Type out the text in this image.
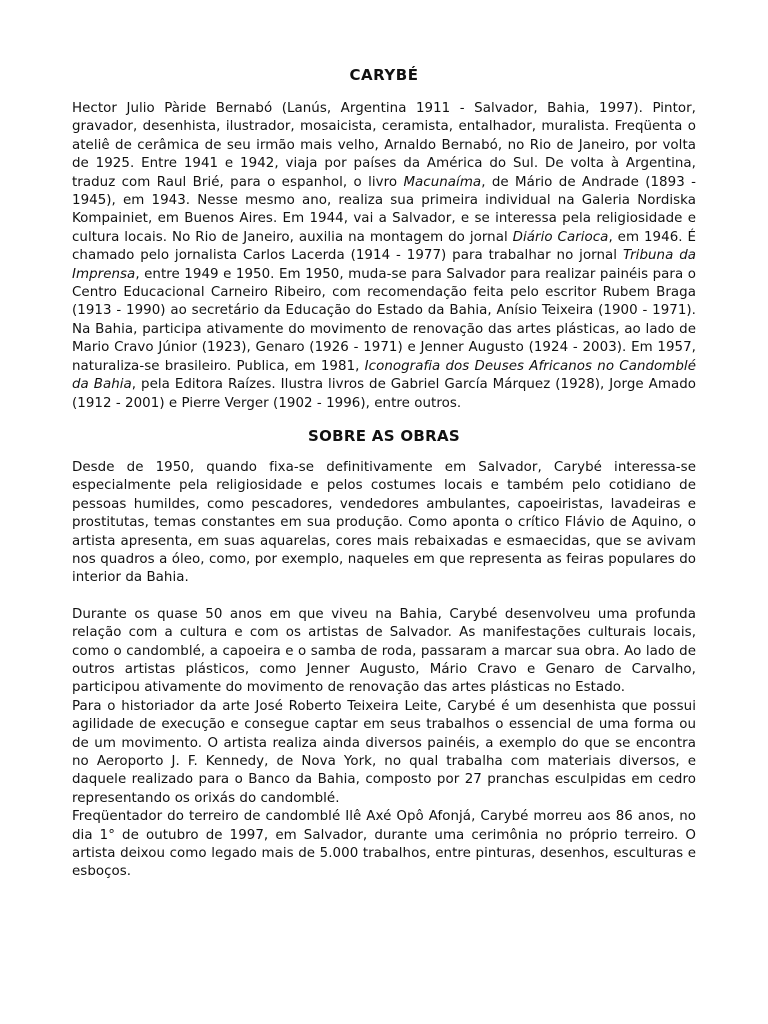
CARYBÉ

Hector Julio Pàride Bernabó (Lanús, Argentina 1911 - Salvador, Bahia, 1997). Pintor, gravador, desenhista, ilustrador, mosaicista, ceramista, entalhador, muralista. Freqüenta o ateliê de cerâmica de seu irmão mais velho, Arnaldo Bernabó, no Rio de Janeiro, por volta de 1925. Entre 1941 e 1942, viaja por países da América do Sul. De volta à Argentina, traduz com Raul Brié, para o espanhol, o livro Macunaíma, de Mário de Andrade (1893 - 1945), em 1943. Nesse mesmo ano, realiza sua primeira individual na Galeria Nordiska Kompainiet, em Buenos Aires. Em 1944, vai a Salvador, e se interessa pela religiosidade e cultura locais. No Rio de Janeiro, auxilia na montagem do jornal Diário Carioca, em 1946. É chamado pelo jornalista Carlos Lacerda (1914 - 1977) para trabalhar no jornal Tribuna da Imprensa, entre 1949 e 1950. Em 1950, muda-se para Salvador para realizar painéis para o Centro Educacional Carneiro Ribeiro, com recomendação feita pelo escritor Rubem Braga (1913 - 1990) ao secretário da Educação do Estado da Bahia, Anísio Teixeira (1900 - 1971). Na Bahia, participa ativamente do movimento de renovação das artes plásticas, ao lado de Mario Cravo Júnior (1923), Genaro (1926 - 1971) e Jenner Augusto (1924 - 2003). Em 1957, naturaliza-se brasileiro. Publica, em 1981, Iconografia dos Deuses Africanos no Candomblé da Bahia, pela Editora Raízes. Ilustra livros de Gabriel García Márquez (1928), Jorge Amado (1912 - 2001) e Pierre Verger (1902 - 1996), entre outros.

SOBRE AS OBRAS

Desde de 1950, quando fixa-se definitivamente em Salvador, Carybé interessa-se especialmente pela religiosidade e pelos costumes locais e também pelo cotidiano de pessoas humildes, como pescadores, vendedores ambulantes, capoeiristas, lavadeiras e prostitutas, temas constantes em sua produção. Como aponta o crítico Flávio de Aquino, o artista apresenta, em suas aquarelas, cores mais rebaixadas e esmaecidas, que se avivam nos quadros a óleo, como, por exemplo, naqueles em que representa as feiras populares do interior da Bahia.

Durante os quase 50 anos em que viveu na Bahia, Carybé desenvolveu uma profunda relação com a cultura e com os artistas de Salvador. As manifestações culturais locais, como o candomblé, a capoeira e o samba de roda, passaram a marcar sua obra. Ao lado de outros artistas plásticos, como Jenner Augusto, Mário Cravo e Genaro de Carvalho, participou ativamente do movimento de renovação das artes plásticas no Estado.

Para o historiador da arte José Roberto Teixeira Leite, Carybé é um desenhista que possui agilidade de execução e consegue captar em seus trabalhos o essencial de uma forma ou de um movimento. O artista realiza ainda diversos painéis, a exemplo do que se encontra no Aeroporto J. F. Kennedy, de Nova York, no qual trabalha com materiais diversos, e daquele realizado para o Banco da Bahia, composto por 27 pranchas esculpidas em cedro representando os orixás do candomblé.

Freqüentador do terreiro de candomblé Ilê Axé Opô Afonjá, Carybé morreu aos 86 anos, no dia 1° de outubro de 1997, em Salvador, durante uma cerimônia no próprio terreiro. O artista deixou como legado mais de 5.000 trabalhos, entre pinturas, desenhos, esculturas e esboços.
